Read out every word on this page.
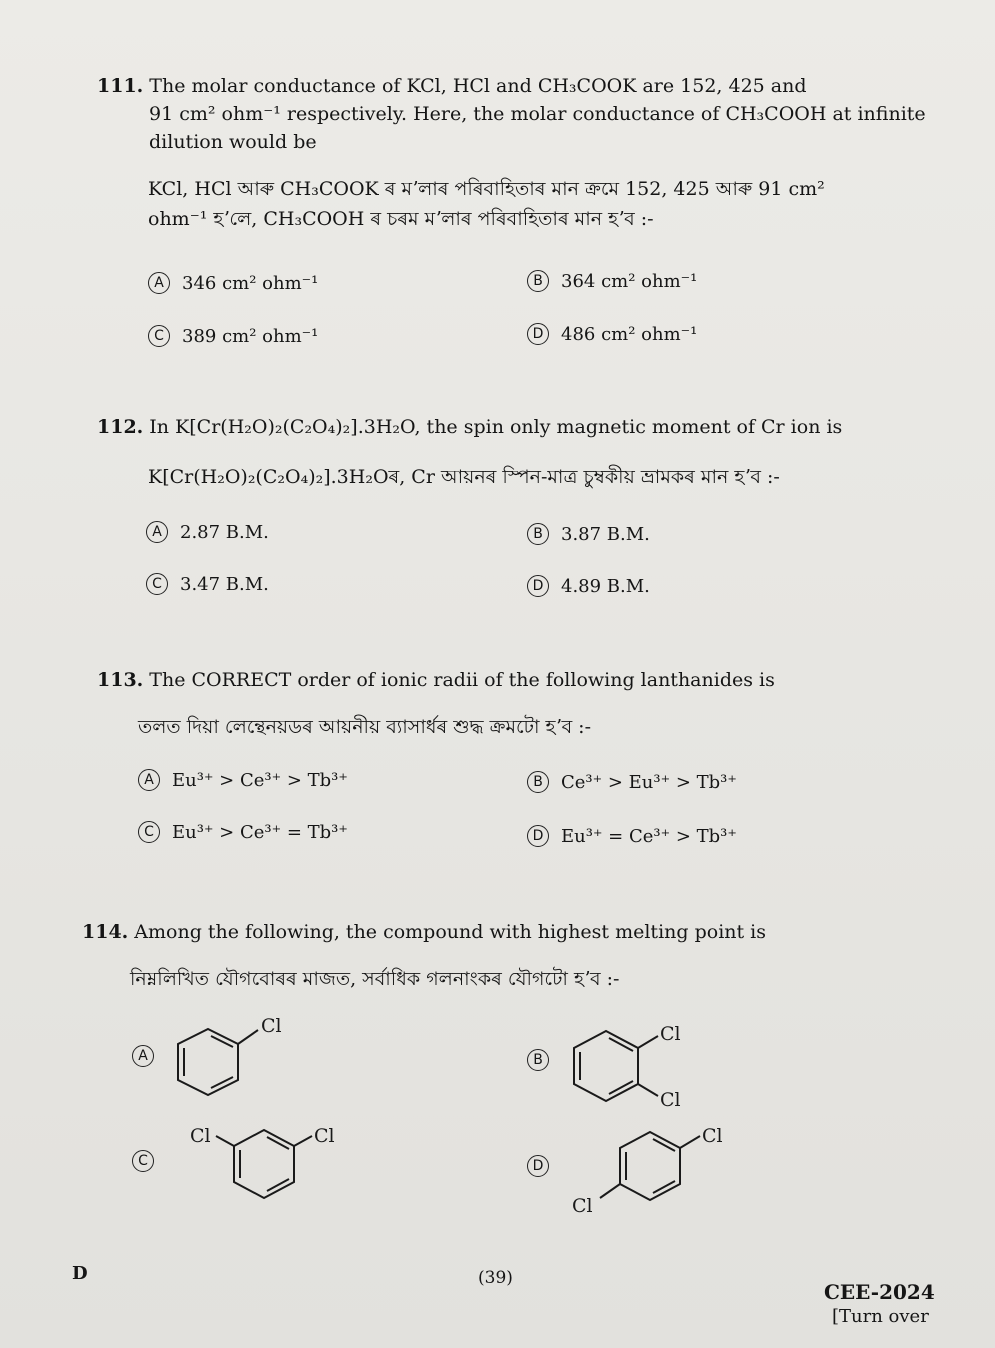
111. The molar conductance of KCl, HCl and CH₃COOK are 152, 425 and
91 cm² ohm⁻¹ respectively. Here, the molar conductance of CH₃COOH at infinite
dilution would be
KCl, HCl আৰু CH₃COOK ৰ মʼলাৰ পৰিবাহিতাৰ মান ক্ৰমে 152, 425 আৰু 91 cm²
ohm⁻¹ হʼলে, CH₃COOH ৰ চৰম মʼলাৰ পৰিবাহিতাৰ মান হʼব :-
A	346 cm² ohm⁻¹	B	364 cm² ohm⁻¹
C	389 cm² ohm⁻¹	D 486 cm² ohm⁻¹
112. In K[Cr(H₂O)₂(C₂O₄)₂].3H₂O, the spin only magnetic moment of Cr ion is
K[Cr(H₂O)₂(C₂O₄)₂].3H₂Oৰ, Cr আয়নৰ স্পিন-মাত্ৰ চুম্বকীয় ভ্ৰামকৰ মান হʼব :-
A	2.87 B.M.	B	3.87 B.M.
C	3.47 B.M.	D 4.89 B.M.
113. The CORRECT order of ionic radii of the following lanthanides is
তলত দিয়া লেন্থেনয়ডৰ আয়নীয় ব্যাসাৰ্ধৰ শুদ্ধ ক্ৰমটো হʼব :-
A	Eu³⁺ > Ce³⁺ > Tb³⁺	B	Ce³⁺ > Eu³⁺ > Tb³⁺
C	Eu³⁺ > Ce³⁺ = Tb³⁺	D Eu³⁺ = Ce³⁺ > Tb³⁺
114. Among the following, the compound with highest melting point is
নিম্নলিখিত যৌগবোৰৰ মাজত, সৰ্বাধিক গলনাংকৰ যৌগটো হʼব :-
A
Cl
B
Cl
Cl
C
Cl	Cl
D
Cl
Cl
D	(39)
CEE-2024
[Turn over
